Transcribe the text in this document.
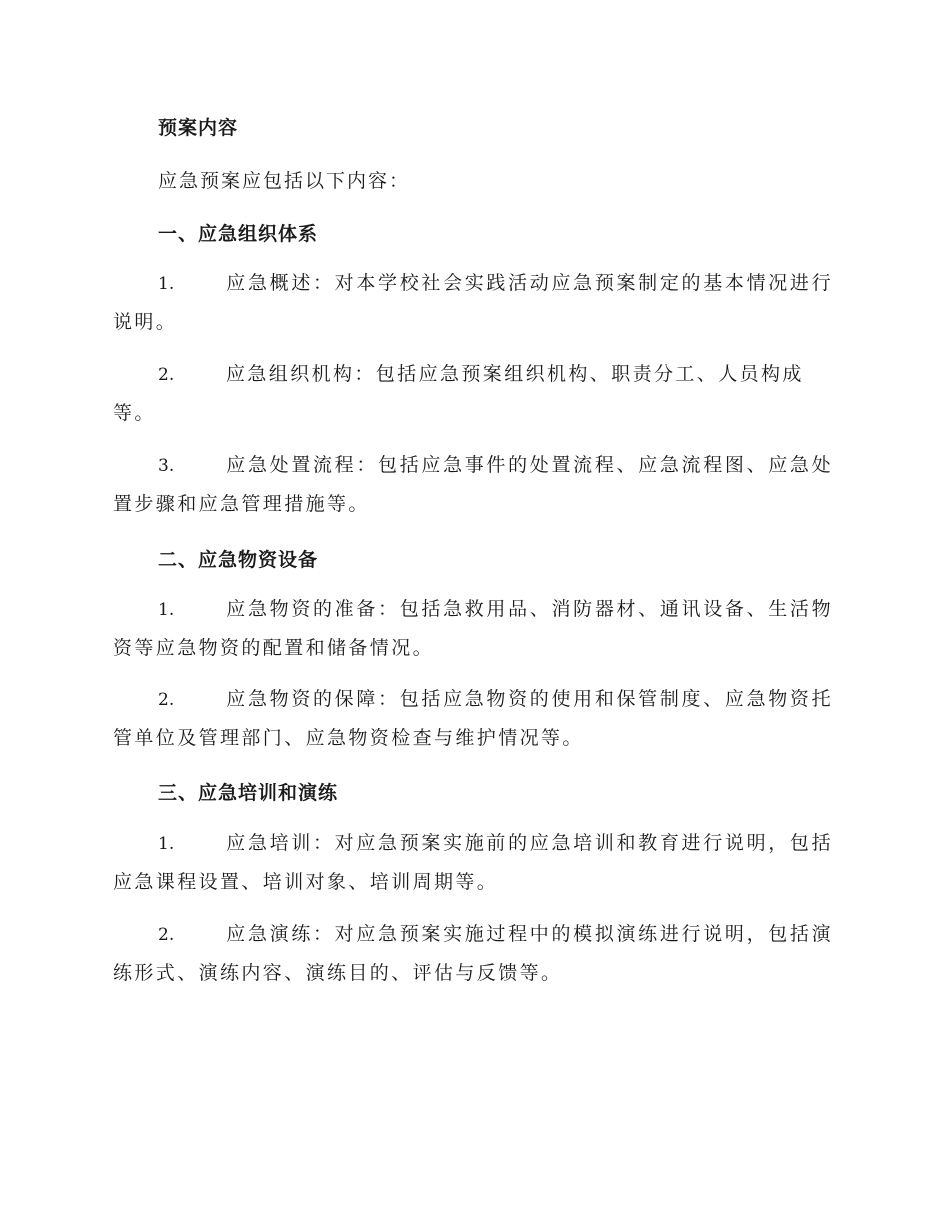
预案内容
应急预案应包括以下内容：
一、应急组织体系
1.	应急概述：对本学校社会实践活动应急预案制定的基本情况进行
说明。
2.	应急组织机构：包括应急预案组织机构、职责分工、人员构成
等。
3.	应急处置流程：包括应急事件的处置流程、应急流程图、应急处
置步骤和应急管理措施等。
二、应急物资设备
1.	应急物资的准备：包括急救用品、消防器材、通讯设备、生活物
资等应急物资的配置和储备情况。
2.	应急物资的保障：包括应急物资的使用和保管制度、应急物资托
管单位及管理部门、应急物资检查与维护情况等。
三、应急培训和演练
1.	应急培训：对应急预案实施前的应急培训和教育进行说明，包括
应急课程设置、培训对象、培训周期等。
2.	应急演练：对应急预案实施过程中的模拟演练进行说明，包括演
练形式、演练内容、演练目的、评估与反馈等。
